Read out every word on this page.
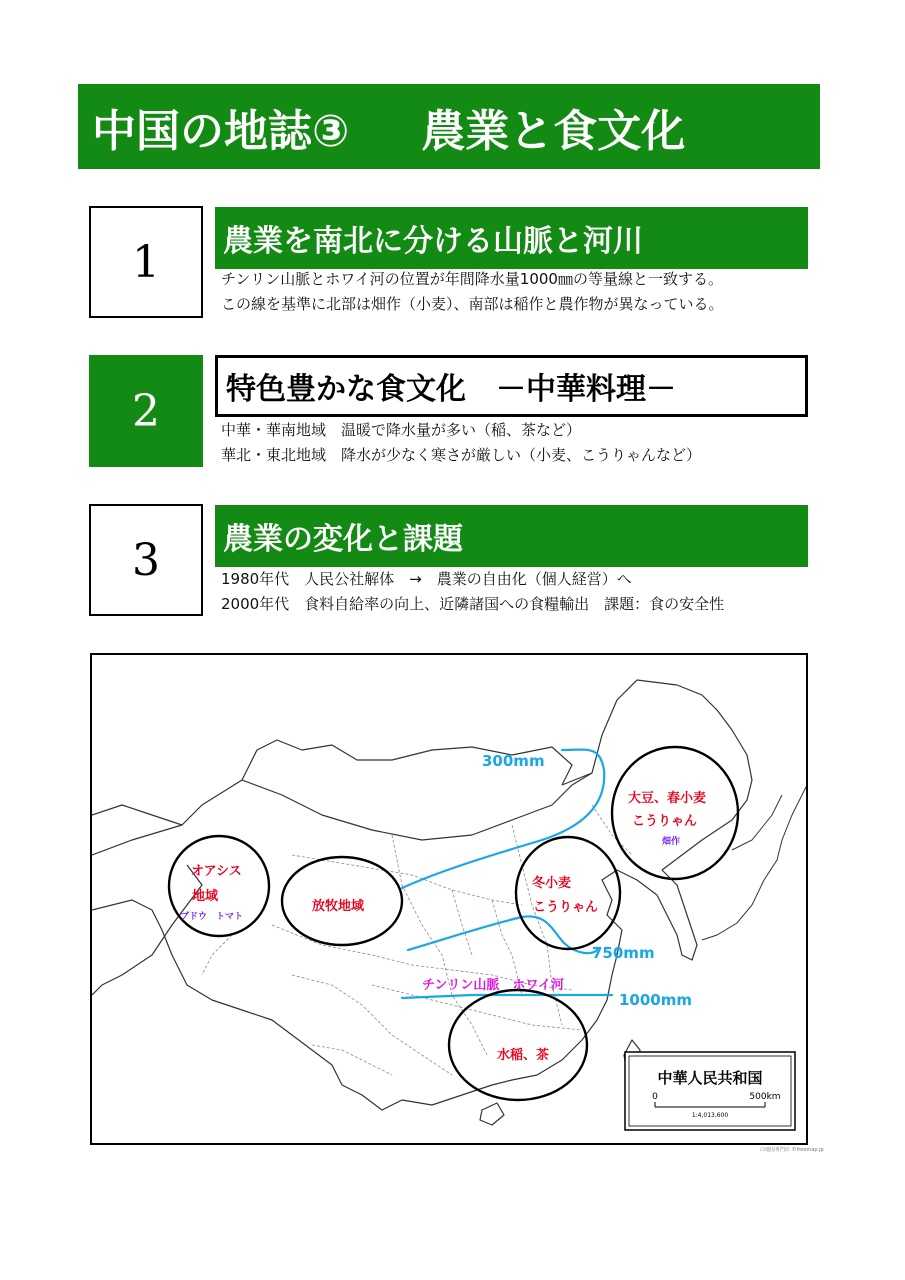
中国の地誌③ 農業と食文化
1	農業を南北に分ける山脈と河川
チンリン山脈とホワイ河の位置が年間降水量1000㎜の等量線と一致する。
この線を基準に北部は畑作（小麦）、南部は稲作と農作物が異なっている。
2	特色豊かな食文化　－中華料理－
中華・華南地域　温暖で降水量が多い（稲、茶など）
華北・東北地域　降水が少なく寒さが厳しい（小麦、こうりゃんなど）
3	農業の変化と課題
1980年代　人民公社解体　→　農業の自由化（個人経営）へ
2000年代　食料自給率の向上、近隣諸国への食糧輸出　課題：食の安全性
中華人民共和国
0	500km
1:4,013,600
300mm
750mm
1000mm
オアシス
地域
ブドウ　トマト
放牧地域
大豆、春小麦
こうりゃん
畑作
冬小麦
こうりゃん
水稲、茶
チンリン山脈　ホワイ河
白地図専門店 ©freemap.jp
